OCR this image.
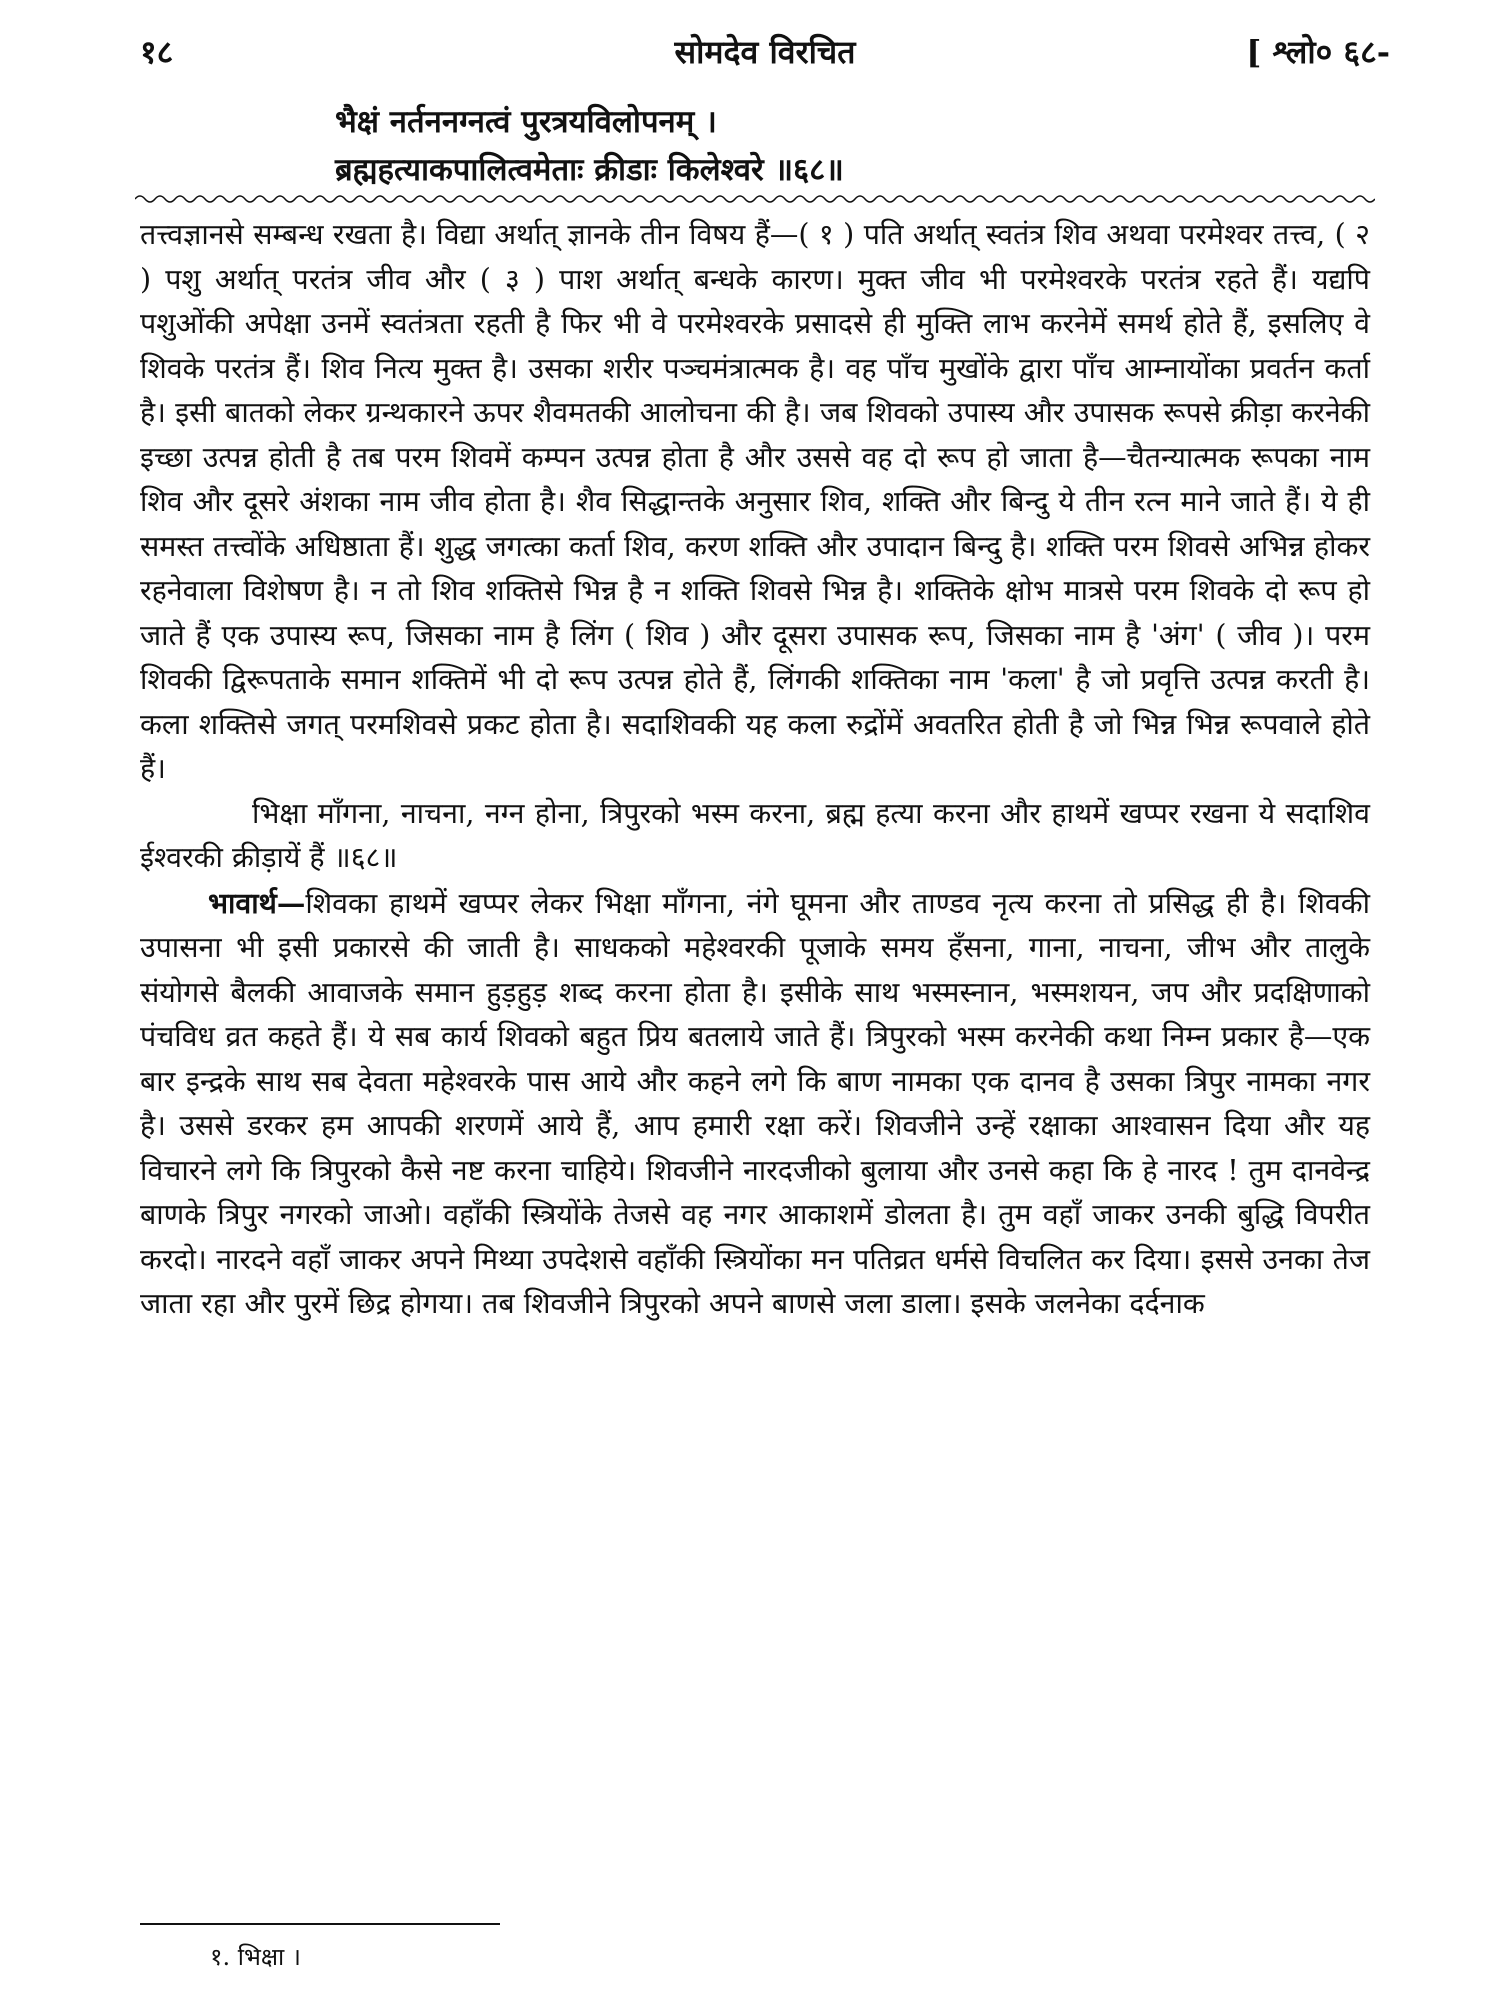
१८	सोमदेव विरचित	[ श्लो० ६८-
भैक्षं नर्तननग्नत्वं पुरत्रयविलोपनम् ।
ब्रह्महत्याकपालित्वमेताः क्रीडाः किलेश्वरे ॥६८॥

तत्त्वज्ञानसे सम्बन्ध रखता है। विद्या अर्थात् ज्ञानके तीन विषय हैं—( १ ) पति अर्थात् स्वतंत्र शिव अथवा परमेश्वर तत्त्व, ( २ ) पशु अर्थात् परतंत्र जीव और ( ३ ) पाश अर्थात् बन्धके कारण। मुक्त जीव भी परमेश्वरके परतंत्र रहते हैं। यद्यपि पशुओंकी अपेक्षा उनमें स्वतंत्रता रहती है फिर भी वे परमेश्वरके प्रसादसे ही मुक्ति लाभ करनेमें समर्थ होते हैं, इसलिए वे शिवके परतंत्र हैं। शिव नित्य मुक्त है। उसका शरीर पञ्चमंत्रात्मक है। वह पाँच मुखोंके द्वारा पाँच आम्नायोंका प्रवर्तन कर्ता है। इसी बातको लेकर ग्रन्थकारने ऊपर शैवमतकी आलोचना की है। जब शिवको उपास्य और उपासक रूपसे क्रीड़ा करनेकी इच्छा उत्पन्न होती है तब परम शिवमें कम्पन उत्पन्न होता है और उससे वह दो रूप हो जाता है—चैतन्यात्मक रूपका नाम शिव और दूसरे अंशका नाम जीव होता है। शैव सिद्धान्तके अनुसार शिव, शक्ति और बिन्दु ये तीन रत्न माने जाते हैं। ये ही समस्त तत्त्वोंके अधिष्ठाता हैं। शुद्ध जगत्का कर्ता शिव, करण शक्ति और उपादान बिन्दु है। शक्ति परम शिवसे अभिन्न होकर रहनेवाला विशेषण है। न तो शिव शक्तिसे भिन्न है न शक्ति शिवसे भिन्न है। शक्तिके क्षोभ मात्रसे परम शिवके दो रूप हो जाते हैं एक उपास्य रूप, जिसका नाम है लिंग ( शिव ) और दूसरा उपासक रूप, जिसका नाम है 'अंग' ( जीव )। परम शिवकी द्विरूपताके समान शक्तिमें भी दो रूप उत्पन्न होते हैं, लिंगकी शक्तिका नाम 'कला' है जो प्रवृत्ति उत्पन्न करती है। कला शक्तिसे जगत् परमशिवसे प्रकट होता है। सदाशिवकी यह कला रुद्रोंमें अवतरित होती है जो भिन्न भिन्न रूपवाले होते हैं।

भिक्षा माँगना, नाचना, नग्न होना, त्रिपुरको भस्म करना, ब्रह्म हत्या करना और हाथमें खप्पर रखना ये सदाशिव ईश्वरकी क्रीड़ायें हैं ॥६८॥

भावार्थ—शिवका हाथमें खप्पर लेकर भिक्षा माँगना, नंगे घूमना और ताण्डव नृत्य करना तो प्रसिद्ध ही है। शिवकी उपासना भी इसी प्रकारसे की जाती है। साधकको महेश्वरकी पूजाके समय हँसना, गाना, नाचना, जीभ और तालुके संयोगसे बैलकी आवाजके समान हुड़हुड़ शब्द करना होता है। इसीके साथ भस्मस्नान, भस्मशयन, जप और प्रदक्षिणाको पंचविध व्रत कहते हैं। ये सब कार्य शिवको बहुत प्रिय बतलाये जाते हैं। त्रिपुरको भस्म करनेकी कथा निम्न प्रकार है—एक बार इन्द्रके साथ सब देवता महेश्वरके पास आये और कहने लगे कि बाण नामका एक दानव है उसका त्रिपुर नामका नगर है। उससे डरकर हम आपकी शरणमें आये हैं, आप हमारी रक्षा करें। शिवजीने उन्हें रक्षाका आश्वासन दिया और यह विचारने लगे कि त्रिपुरको कैसे नष्ट करना चाहिये। शिवजीने नारदजीको बुलाया और उनसे कहा कि हे नारद ! तुम दानवेन्द्र बाणके त्रिपुर नगरको जाओ। वहाँकी स्त्रियोंके तेजसे वह नगर आकाशमें डोलता है। तुम वहाँ जाकर उनकी बुद्धि विपरीत करदो। नारदने वहाँ जाकर अपने मिथ्या उपदेशसे वहाँकी स्त्रियोंका मन पतिव्रत धर्मसे विचलित कर दिया। इससे उनका तेज जाता रहा और पुरमें छिद्र होगया। तब शिवजीने त्रिपुरको अपने बाणसे जला डाला। इसके जलनेका दर्दनाक

१. भिक्षा ।
